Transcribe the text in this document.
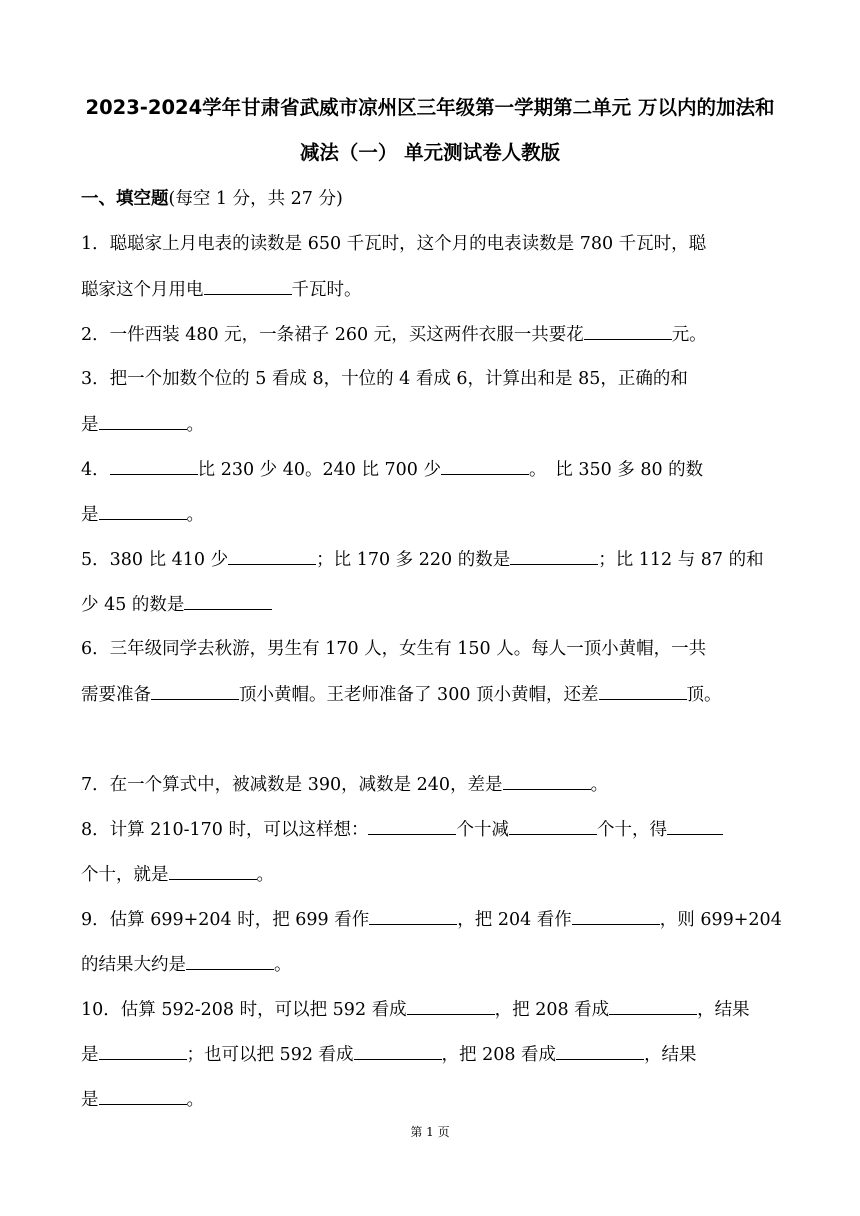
2023-2024学年甘肃省武威市凉州区三年级第一学期第二单元 万以内的加法和
减法（一） 单元测试卷人教版
一、填空题(每空 1 分，共 27 分)
1．聪聪家上月电表的读数是 650 千瓦时，这个月的电表读数是 780 千瓦时，聪
聪家这个月用电	千瓦时。
2．一件西装 480 元，一条裙子 260 元，买这两件衣服一共要花	元。
3．把一个加数个位的 5 看成 8，十位的 4 看成 6，计算出和是 85，正确的和
是	。
4．	比 230 少 40。240 比 700 少	。　比 350 多 80 的数
是	。
5．380 比 410 少	；比 170 多 220 的数是	；比 112 与 87 的和
少 45 的数是
6．三年级同学去秋游，男生有 170 人，女生有 150 人。每人一顶小黄帽，一共
需要准备	顶小黄帽。王老师准备了 300 顶小黄帽，还差	顶。
7．在一个算式中，被减数是 390，减数是 240，差是	。
8．计算 210-170 时，可以这样想：	个十减	个十，得
个十，就是	。
9．估算 699+204 时，把 699 看作	，把 204 看作	，则 699+204
的结果大约是	。
10．估算 592-208 时，可以把 592 看成	，把 208 看成	，结果
是	；也可以把 592 看成	，把 208 看成	，结果
是	。
第 1 页
